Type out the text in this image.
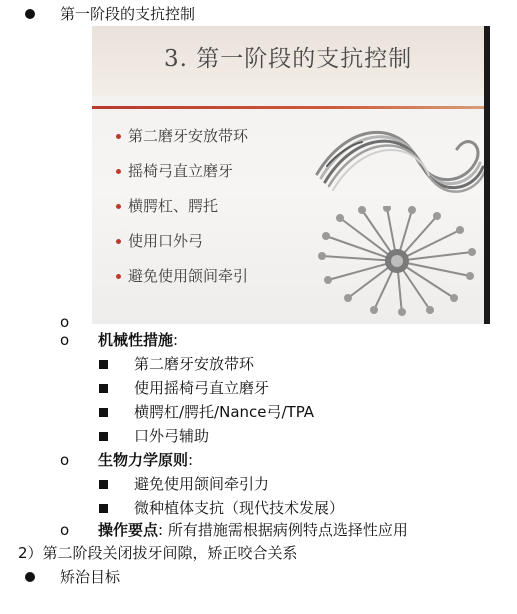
第一阶段的支抗控制
3. 第一阶段的支抗控制
第二磨牙安放带环
摇椅弓直立磨牙
横腭杠、腭托
使用口外弓
避免使用颌间牵引
o
o 机械性措施:
第二磨牙安放带环
使用摇椅弓直立磨牙
横腭杠/腭托/Nance弓/TPA
口外弓辅助
o 生物力学原则:
避免使用颌间牵引力
微种植体支抗（现代技术发展）
o 操作要点: 所有措施需根据病例特点选择性应用
2）第二阶段关闭拔牙间隙，矫正咬合关系
矫治目标
